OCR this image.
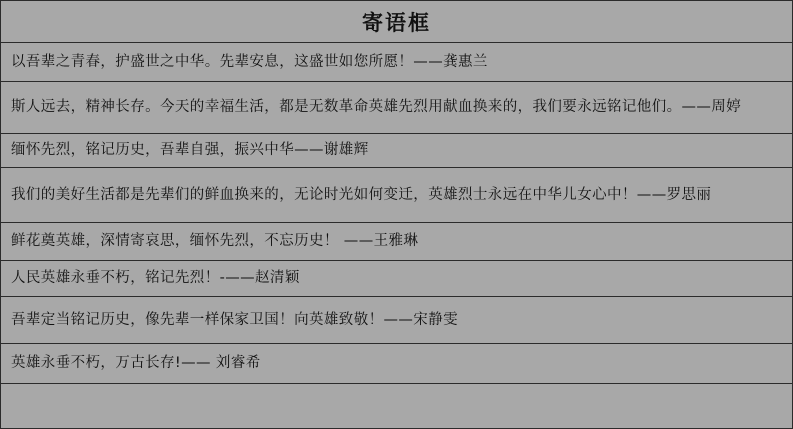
寄语框
以吾辈之青春，护盛世之中华。先辈安息，这盛世如您所愿！——龚惠兰
斯人远去，精神长存。今天的幸福生活，都是无数革命英雄先烈用献血换来的，我们要永远铭记他们。——周婷
缅怀先烈，铭记历史，吾辈自强，振兴中华——谢雄辉
我们的美好生活都是先辈们的鲜血换来的，无论时光如何变迁，英雄烈士永远在中华儿女心中！——罗思丽
鲜花奠英雄，深情寄哀思，缅怀先烈，不忘历史！ ——王雅琳
人民英雄永垂不朽，铭记先烈！-——赵清颖
吾辈定当铭记历史，像先辈一样保家卫国！向英雄致敬！——宋静雯
英雄永垂不朽，万古长存!—— 刘睿希
